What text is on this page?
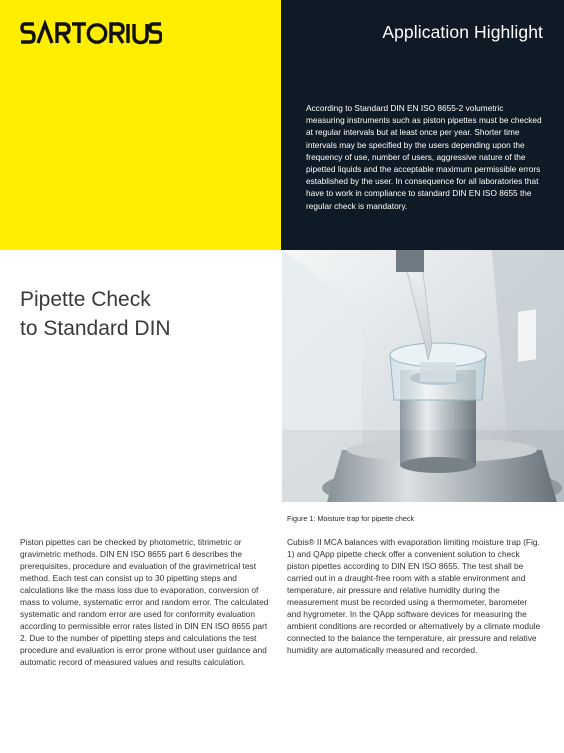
Application Highlight

According to Standard DIN EN ISO 8655-2 volumetric measuring instruments such as piston pipettes must be checked at regular intervals but at least once per year. Shorter time intervals may be specified by the users depending upon the frequency of use, number of users, aggressive nature of the pipetted liquids and the acceptable maximum permissible errors established by the user. In consequence for all laboratories that have to work in compliance to standard DIN EN ISO 8655 the regular check is mandatory.

Pipette Check
to Standard DIN
Figure 1: Moisture trap for pipette check

Piston pipettes can be checked by photometric, titrimetric or gravimetric methods. DIN EN ISO 8655 part 6 describes the prerequisites, procedure and evaluation of the gravimetrical test method. Each test can consist up to 30 pipetting steps and calculations like the mass loss due to evaporation, conversion of mass to volume, systematic error and random error. The calculated systematic and random error are used for conformity evaluation according to permissible error rates listed in DIN EN ISO 8655 part 2. Due to the number of pipetting steps and calculations the test procedure and evaluation is error prone without user guidance and automatic record of measured values and results calculation.

Cubis® II MCA balances with evaporation limiting moisture trap (Fig. 1) and QApp pipette check offer a convenient solution to check piston pipettes according to DIN EN ISO 8655. The test shall be carried out in a draught-free room with a stable environment and temperature, air pressure and relative humidity during the measurement must be recorded using a thermometer, barometer and hygrometer. In the QApp software devices for measuring the ambient conditions are recorded or alternatively by a climate module connected to the balance the temperature, air pressure and relative humidity are automatically measured and recorded.
